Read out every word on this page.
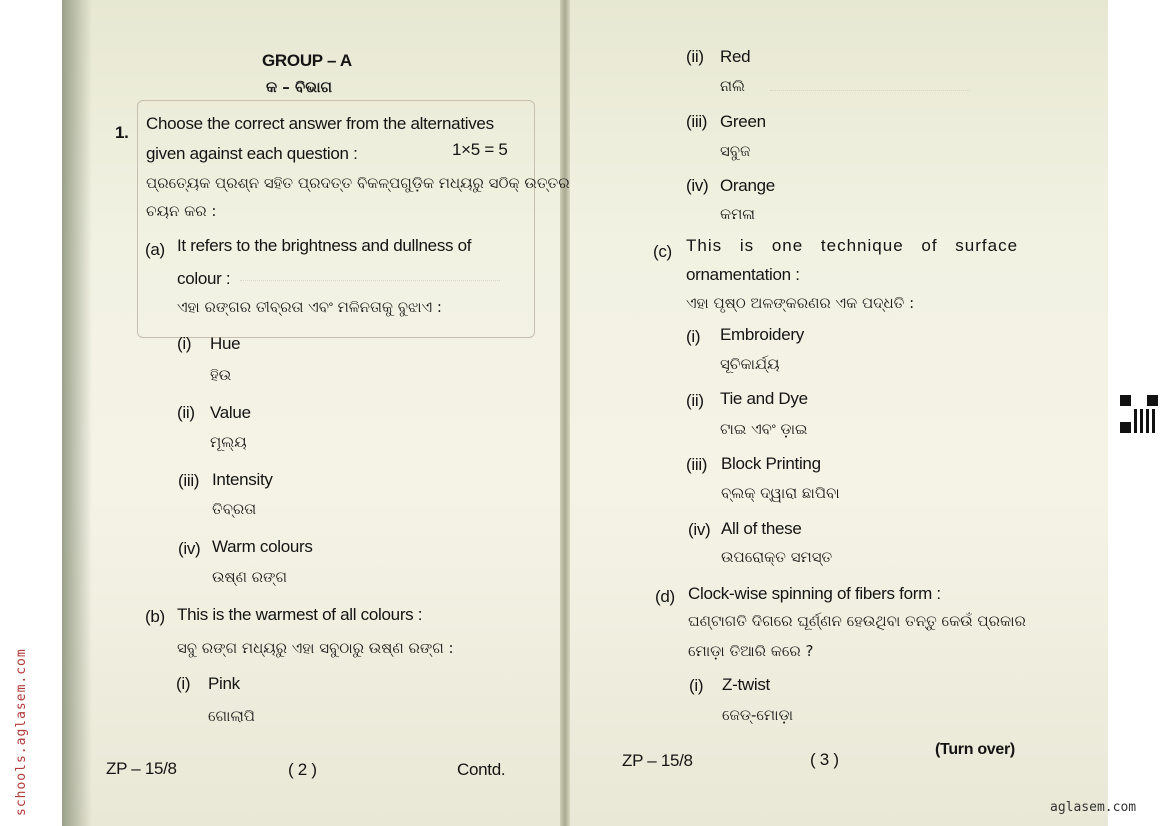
GROUP – A
କ – ବିଭାଗ
1. Choose the correct answer from the alternatives
given against each question :	1×5 = 5
ପ୍ରତ୍ୟେକ ପ୍ରଶ୍ନ ସହିତ ପ୍ରଦତ୍ତ ବିକଳ୍ପଗୁଡ଼ିକ ମଧ୍ୟରୁ ସଠିକ୍ ଉତ୍ତର
ଚୟନ କର :
(a) It refers to the brightness and dullness of
colour :
ଏହା ରଙ୍ଗର ତୀବ୍ରତା ଏବଂ ମଳିନତାକୁ ବୁଝାଏ :
(i) Hue
ହିଉ
(ii) Value
ମୂଲ୍ୟ
(iii) Intensity
ତିବ୍ରତା
(iv) Warm colours
ଉଷ୍ଣ ରଙ୍ଗ
(b) This is the warmest of all colours :
ସବୁ ରଙ୍ଗ ମଧ୍ୟରୁ ଏହା ସବୁଠାରୁ ଉଷ୍ଣ ରଙ୍ଗ :
(i) Pink
ଗୋଲାପି
ZP – 15/8	( 2 )	Contd.
(ii) Red
ନାଲି
(iii) Green
ସବୁଜ
(iv) Orange
କମଳା
(c) This is one technique of surface
ornamentation :
ଏହା ପୃଷ୍ଠ ଅଳଙ୍କରଣର ଏକ ପଦ୍ଧତି :
(i) Embroidery
ସୂଚିକାର୍ଯ୍ୟ
(ii) Tie and Dye
ଟାଇ ଏବଂ ଡ଼ାଇ
(iii) Block Printing
ବ୍ଲକ୍ ଦ୍ୱାରା ଛାପିବା
(iv) All of these
ଉପରୋକ୍ତ ସମସ୍ତ
(d) Clock-wise spinning of fibers form :
ଘଣ୍ଟାଗତି ଦିଗରେ ଘୂର୍ଣ୍ଣନ ହେଉଥିବା ତନ୍ତୁ କେଉଁ ପ୍ରକାର
ମୋଡ଼ା ତିଆରି କରେ ?
(i) Z-twist
ଜେଡ୍-ମୋଡ଼ା
ZP – 15/8	( 3 )
(Turn over)
schools.aglasem.com	aglasem.com
